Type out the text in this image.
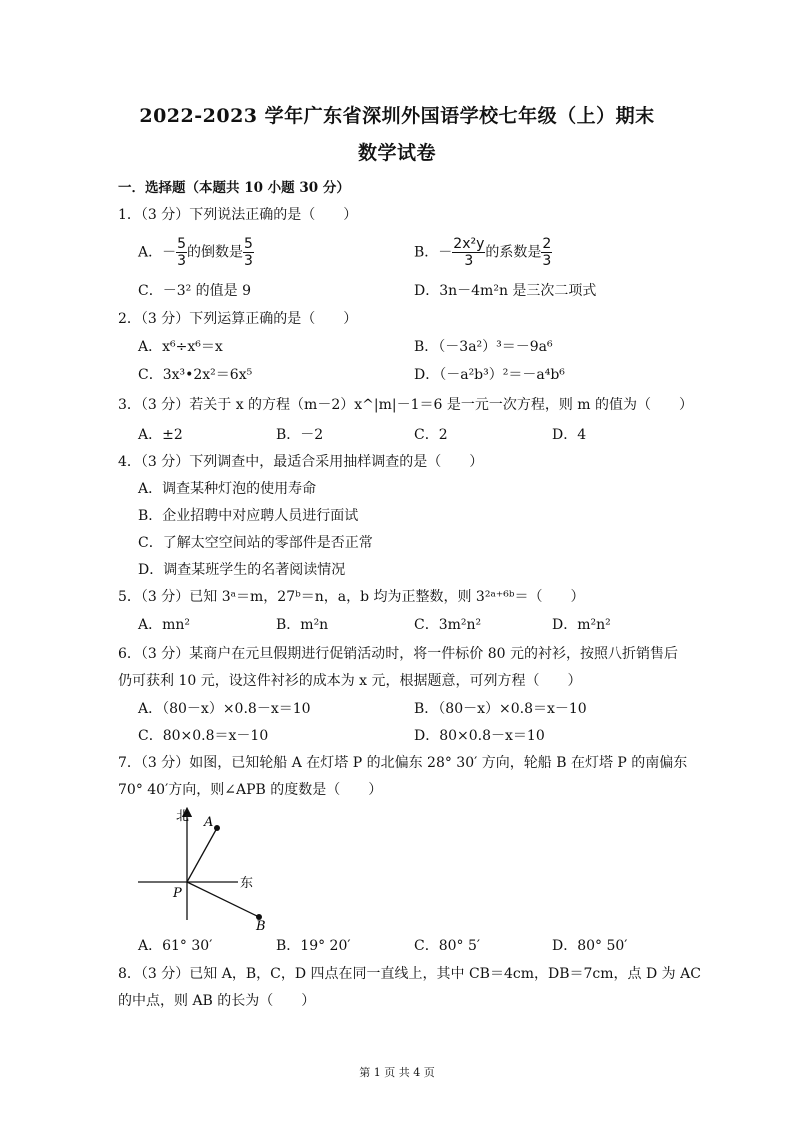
2022-2023 学年广东省深圳外国语学校七年级（上）期末
数学试卷
一．选择题（本题共 10 小题 30 分）
1．（3 分）下列说法正确的是（　　）
A．－ $\frac{5}{3}$ 的倒数是 $\frac{5}{3}$	B．－ $\frac{\text{2x²y}}{3}$ 的系数是 $\frac{2}{3}$
C．－3² 的值是 9	D．3n－4m²n 是三次二项式
2．（3 分）下列运算正确的是（　　）
A．x⁶÷x⁶＝x	B．（－3a²）³＝－9a⁶
C．3x³•2x²＝6x⁵	D．（－a²b³）²＝－a⁴b⁶
3．（3 分）若关于 x 的方程（m－2）x^|m|－1＝6 是一元一次方程，则 m 的值为（　　）
A．±2	B．－2	C．2	D．4
4．（3 分）下列调查中，最适合采用抽样调查的是（　　）
A．调查某种灯泡的使用寿命
B．企业招聘中对应聘人员进行面试
C．了解太空空间站的零部件是否正常
D．调查某班学生的名著阅读情况
5．（3 分）已知 3ᵃ＝m，27ᵇ＝n，a，b 均为正整数，则 3²ᵃ⁺⁶ᵇ＝（　　）
A．mn²	B．m²n	C．3m²n²	D．m²n²
6．（3 分）某商户在元旦假期进行促销活动时，将一件标价 80 元的衬衫，按照八折销售后
仍可获利 10 元，设这件衬衫的成本为 x 元，根据题意，可列方程（　　）
A．（80－x）×0.8－x＝10	B．（80－x）×0.8＝x－10
C．80×0.8＝x－10	D．80×0.8－x＝10
7．（3 分）如图，已知轮船 A 在灯塔 P 的北偏东 28° 30′ 方向，轮船 B 在灯塔 P 的南偏东
70° 40′方向，则∠APB 的度数是（　　）
北 A
P
东
B
A．61° 30′	B．19° 20′	C．80° 5′	D．80° 50′
8．（3 分）已知 A，B，C，D 四点在同一直线上，其中 CB＝4cm，DB＝7cm，点 D 为 AC
的中点，则 AB 的长为（　　）
第 1 页 共 4 页
